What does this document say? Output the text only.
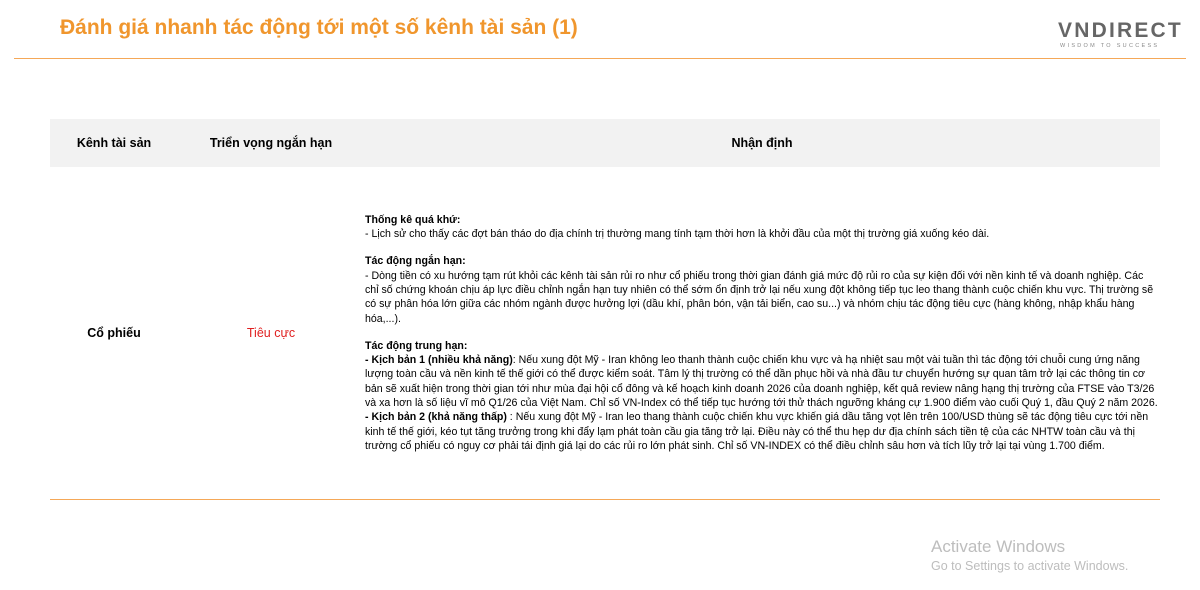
Đánh giá nhanh tác động tới một số kênh tài sản (1)	VNDIRECT
WISDOM TO SUCCESS
Kênh tài sản	Triển vọng ngắn hạn	Nhận định
Cổ phiếu	Tiêu cực

Thống kê quá khứ:

- Lịch sử cho thấy các đợt bán tháo do địa chính trị thường mang tính tạm thời hơn là khởi đầu của một thị trường giá xuống kéo dài.

Tác động ngắn hạn:

- Dòng tiền có xu hướng tạm rút khỏi các kênh tài sản rủi ro như cổ phiếu trong thời gian đánh giá mức độ rủi ro của sự kiện đối với nền kinh tế và doanh nghiệp. Các chỉ số chứng khoán chịu áp lực điều chỉnh ngắn hạn tuy nhiên có thể sớm ổn định trở lại nếu xung đột không tiếp tục leo thang thành cuộc chiến khu vực. Thị trường sẽ có sự phân hóa lớn giữa các nhóm ngành được hưởng lợi (dầu khí, phân bón, vận tải biển, cao su...) và nhóm chịu tác động tiêu cực (hàng không, nhập khẩu hàng hóa,...).

Tác động trung hạn:

- Kịch bản 1 (nhiều khả năng): Nếu xung đột Mỹ - Iran không leo thanh thành cuộc chiến khu vực và hạ nhiệt sau một vài tuần thì tác động tới chuỗi cung ứng năng lượng toàn cầu và nền kinh tế thế giới có thể được kiểm soát. Tâm lý thị trường có thể dần phục hồi và nhà đầu tư chuyển hướng sự quan tâm trở lại các thông tin cơ bản sẽ xuất hiện trong thời gian tới như mùa đại hội cổ đông và kế hoạch kinh doanh 2026 của doanh nghiệp, kết quả review nâng hạng thị trường của FTSE vào T3/26 và xa hơn là số liệu vĩ mô Q1/26 của Việt Nam. Chỉ số VN-Index có thể tiếp tục hướng tới thử thách ngưỡng kháng cự 1.900 điểm vào cuối Quý 1, đầu Quý 2 năm 2026.

- Kịch bản 2 (khả năng thấp) : Nếu xung đột Mỹ - Iran leo thang thành cuộc chiến khu vực khiến giá dầu tăng vọt lên trên 100/USD thùng sẽ tác động tiêu cực tới nền kinh tế thế giới, kéo tụt tăng trưởng trong khi đẩy lạm phát toàn cầu gia tăng trở lại. Điều này có thể thu hẹp dư địa chính sách tiền tệ của các NHTW toàn cầu và thị trường cổ phiếu có nguy cơ phải tái định giá lại do các rủi ro lớn phát sinh. Chỉ số VN-INDEX có thể điều chỉnh sâu hơn và tích lũy trở lại tại vùng 1.700 điểm.

Activate Windows
Go to Settings to activate Windows.
